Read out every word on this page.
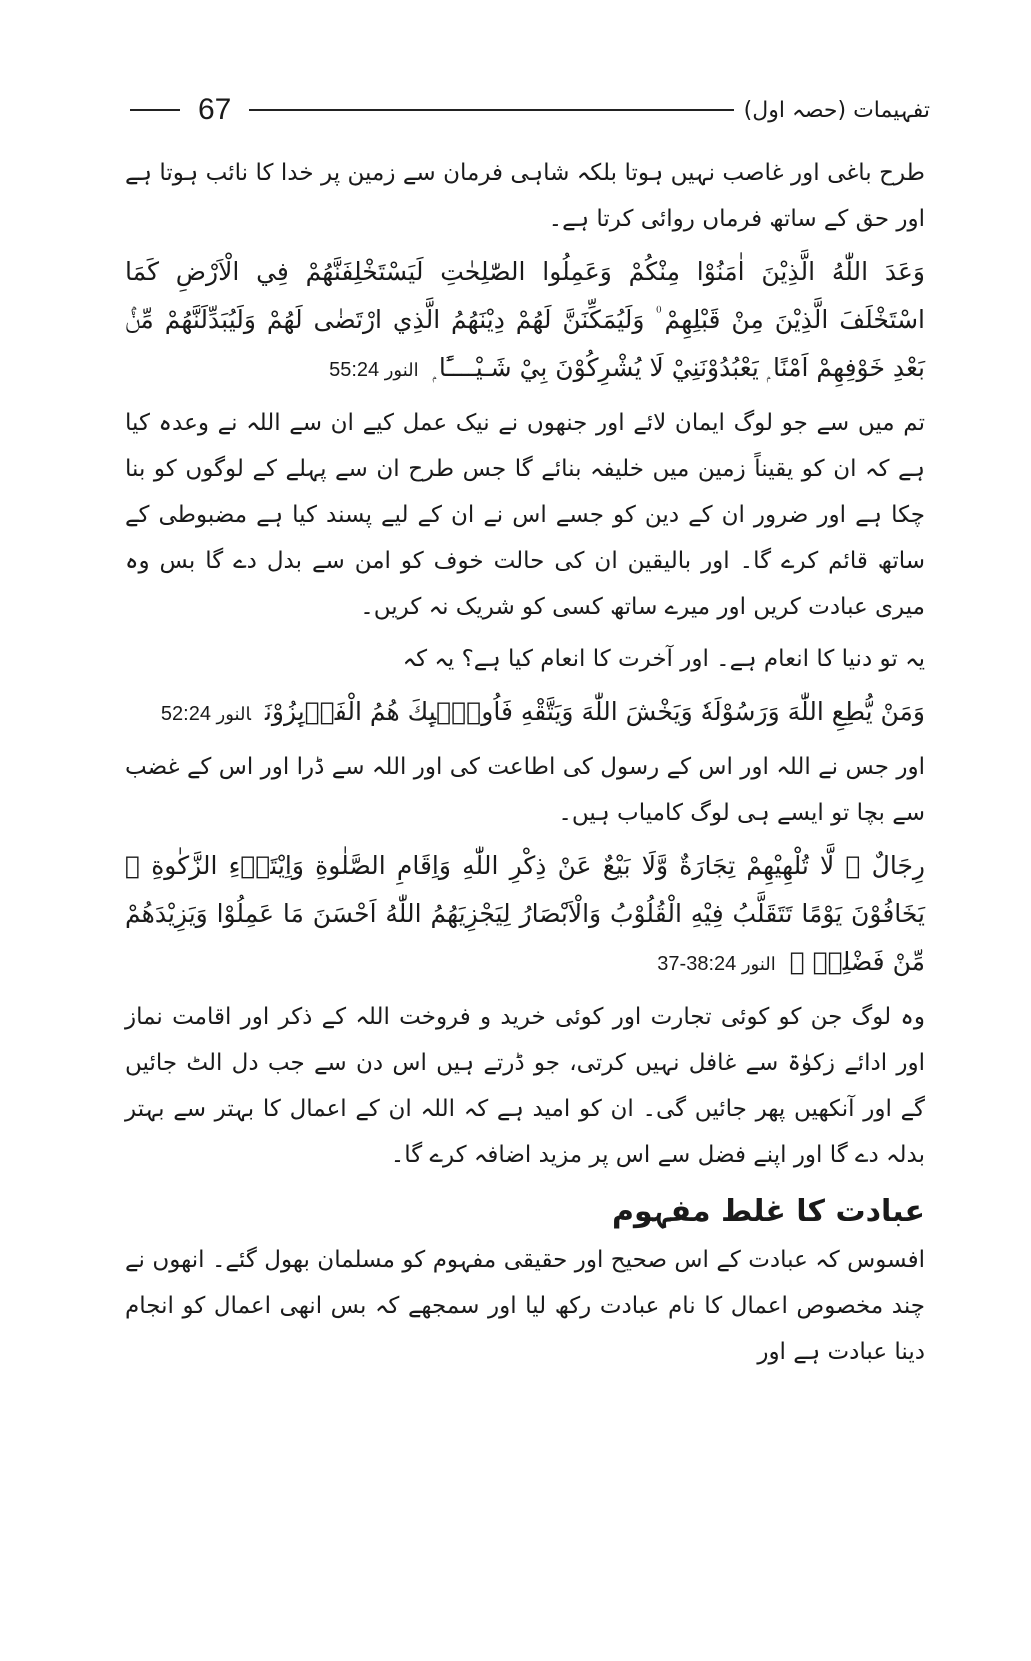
67	تفہیمات (حصہ اول)

طرح باغی اور غاصب نہیں ہوتا بلکہ شاہی فرمان سے زمین پر خدا کا نائب ہوتا ہے اور حق کے ساتھ فرماں روائی کرتا ہے۔

وَعَدَ اللّٰهُ الَّذِيْنَ اٰمَنُوْا مِنْكُمْ وَعَمِلُوا الصّٰلِحٰتِ لَيَسْتَخْلِفَنَّهُمْ فِي الْاَرْضِ كَمَا اسْتَخْلَفَ الَّذِيْنَ مِنْ قَبْلِهِمْ ۠ وَلَيُمَكِّنَنَّ لَهُمْ دِيْنَهُمُ الَّذِي ارْتَضٰى لَهُمْ وَلَيُبَدِّلَنَّهُمْ مِّنْۢ بَعْدِ خَوْفِهِمْ اَمْنًا ۭ يَعْبُدُوْنَنِيْ لَا يُشْرِكُوْنَ بِيْ شَـيْــــًٔا ۭالنور 55:24

تم میں سے جو لوگ ایمان لائے اور جنھوں نے نیک عمل کیے ان سے اللہ نے وعدہ کیا ہے کہ ان کو یقیناً زمین میں خلیفہ بنائے گا جس طرح ان سے پہلے کے لوگوں کو بنا چکا ہے اور ضرور ان کے دین کو جسے اس نے ان کے لیے پسند کیا ہے مضبوطی کے ساتھ قائم کرے گا۔ اور بالیقین ان کی حالت خوف کو امن سے بدل دے گا بس وہ میری عبادت کریں اور میرے ساتھ کسی کو شریک نہ کریں۔

یہ تو دنیا کا انعام ہے۔ اور آخرت کا انعام کیا ہے؟ یہ کہ

وَمَنْ يُّطِعِ اللّٰهَ وَرَسُوْلَهٗ وَيَخْشَ اللّٰهَ وَيَتَّقْهِ فَاُولٰۗىِٕكَ هُمُ الْفَاۗىِٕزُوْنَالنور 52:24

اور جس نے اللہ اور اس کے رسول کی اطاعت کی اور اللہ سے ڈرا اور اس کے غضب سے بچا تو ایسے ہی لوگ کامیاب ہیں۔

رِجَالٌ ۙ لَّا تُلْهِيْهِمْ تِجَارَةٌ وَّلَا بَيْعٌ عَنْ ذِكْرِ اللّٰهِ وَاِقَامِ الصَّلٰوةِ وَاِيْتَاۗءِ الزَّكٰوةِ ۽ يَخَافُوْنَ يَوْمًا تَتَقَلَّبُ فِيْهِ الْقُلُوْبُ وَالْاَبْصَارُ لِيَجْزِيَهُمُ اللّٰهُ اَحْسَنَ مَا عَمِلُوْا وَيَزِيْدَهُمْ مِّنْ فَضْلِهٖ ۭالنور 38:24-37

وہ لوگ جن کو کوئی تجارت اور کوئی خرید و فروخت اللہ کے ذکر اور اقامت نماز اور ادائے زکوٰۃ سے غافل نہیں کرتی، جو ڈرتے ہیں اس دن سے جب دل الٹ جائیں گے اور آنکھیں پھر جائیں گی۔ ان کو امید ہے کہ اللہ ان کے اعمال کا بہتر سے بہتر بدلہ دے گا اور اپنے فضل سے اس پر مزید اضافہ کرے گا۔

عبادت کا غلط مفہوم

افسوس کہ عبادت کے اس صحیح اور حقیقی مفہوم کو مسلمان بھول گئے۔ انھوں نے چند مخصوص اعمال کا نام عبادت رکھ لیا اور سمجھے کہ بس انھی اعمال کو انجام دینا عبادت ہے اور
